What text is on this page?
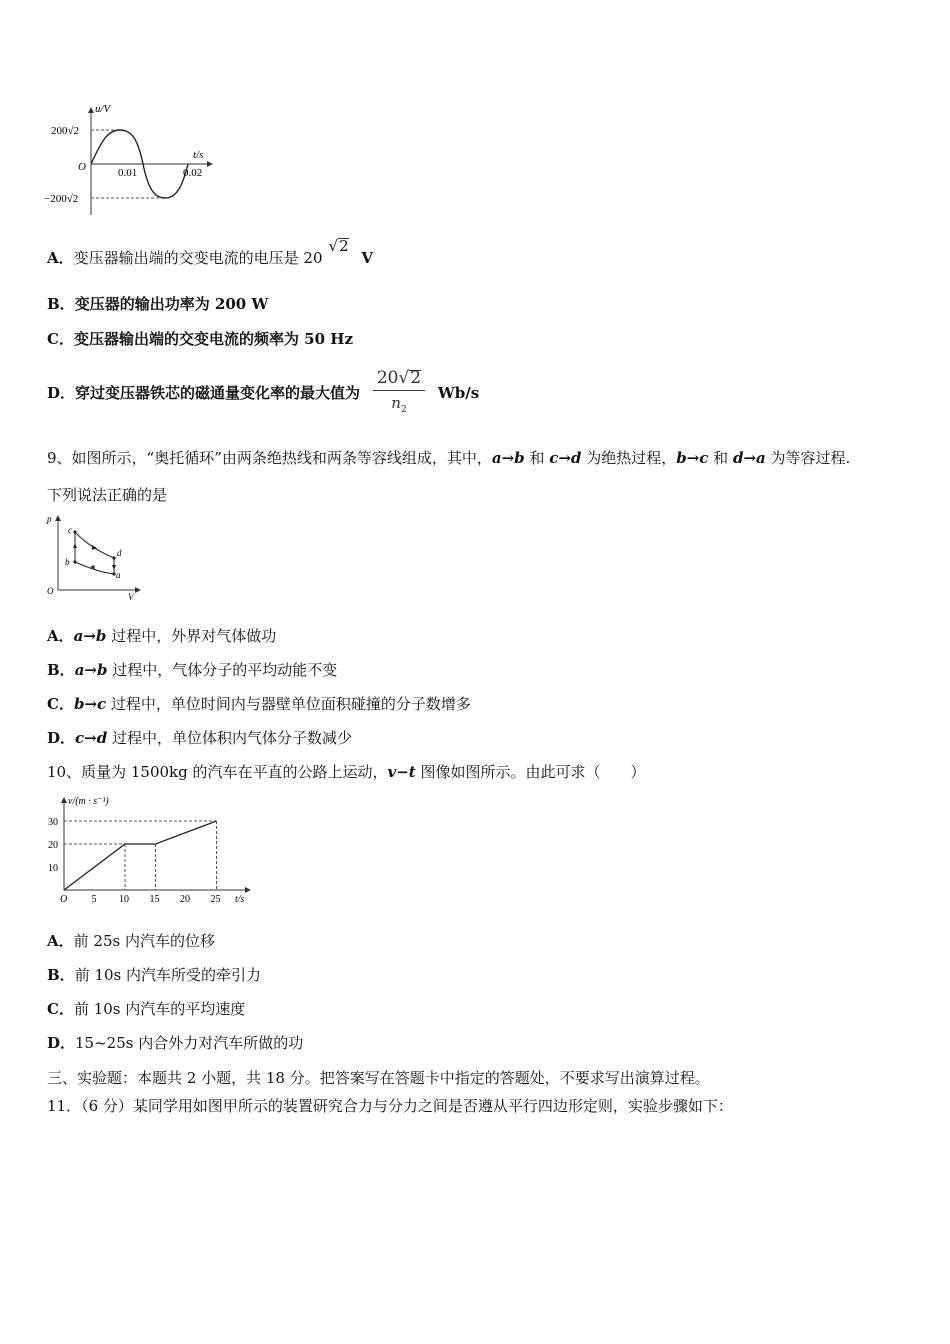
u/V
t/s
200√2
−200√2
O	0.01	0.02
A．变压器输出端的交变电流的电压是 20√2 V
B．变压器的输出功率为 200 W
C．变压器输出端的交变电流的频率为 50 Hz
D．穿过变压器铁芯的磁通量变化率的最大值为 $\frac{20√2}{n_2} Wb/s$
9、如图所示，“奥托循环”由两条绝热线和两条等容线组成，其中，a→b 和 c→d 为绝热过程，b→c 和 d→a 为等容过程.
下列说法正确的是
p
V
O
a
b
c
d
A．a→b 过程中，外界对气体做功
B．a→b 过程中，气体分子的平均动能不变
C．b→c 过程中，单位时间内与器壁单位面积碰撞的分子数增多
D．c→d 过程中，单位体积内气体分子数减少
10、质量为 1500kg 的汽车在平直的公路上运动，v−t 图像如图所示。由此可求（　　）
v/(m · s⁻¹)
t/s
O 5 10 15 20 25
10
20
30
A．前 25s 内汽车的位移
B．前 10s 内汽车所受的牵引力
C．前 10s 内汽车的平均速度
D．15~25s 内合外力对汽车所做的功
三、实验题：本题共 2 小题，共 18 分。把答案写在答题卡中指定的答题处，不要求写出演算过程。
11．（6 分）某同学用如图甲所示的装置研究合力与分力之间是否遵从平行四边形定则，实验步骤如下：
